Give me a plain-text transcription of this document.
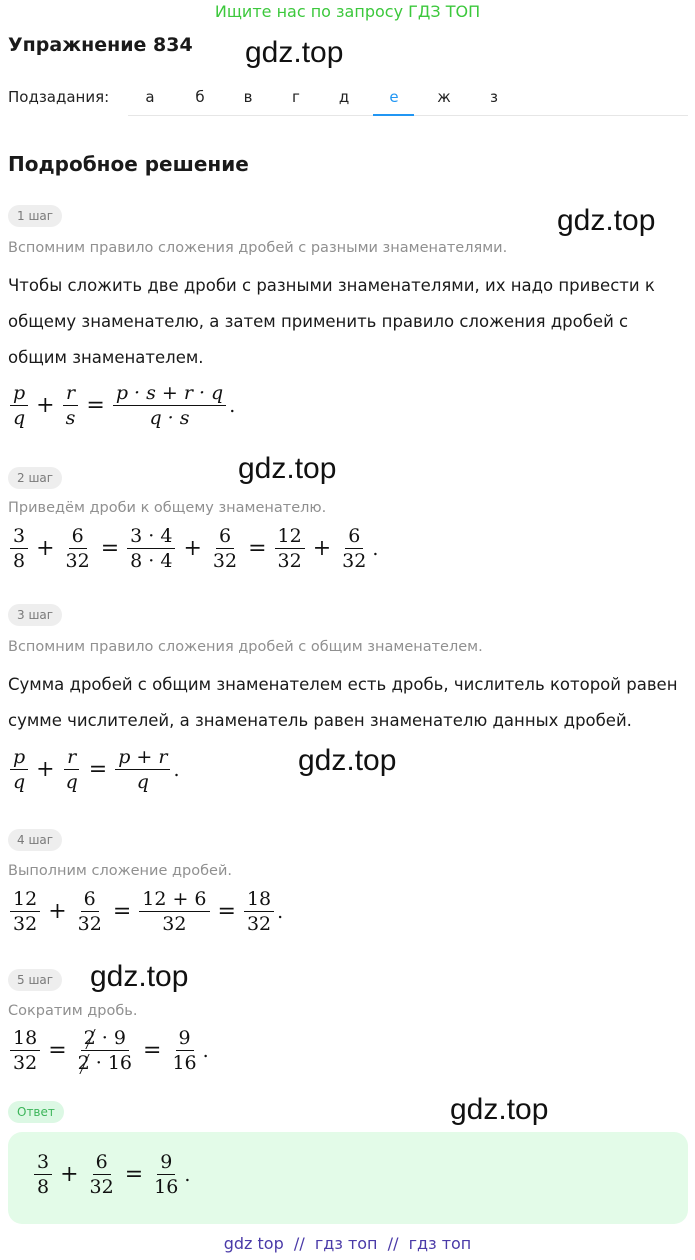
Ищите нас по запросу ГДЗ ТОП
Упражнение 834 gdz.top
gdz.top
gdz.top
gdz.top
gdz.top
gdz.top
Подзадания:	а	б	в	г	д	е	ж	з
Подробное решение
1 шаг
Вспомним правило сложения дробей с разными знаменателями.
Чтобы сложить две дроби с разными знаменателями, их надо привести к общему знаменателю, а затем применить правило сложения дробей с общим знаменателем.
$\frac{p}{q} + \frac{r}{s} = \frac{p \cdot s + r \cdot q}{q \cdot s}$ .
2 шаг
Приведём дроби к общему знаменателю.
$\frac{3}{8} + \frac{6}{32} = \frac{3 \cdot 4}{8 \cdot 4} + \frac{6}{32} = \frac{12}{32} + \frac{6}{32}$ .
3 шаг
Вспомним правило сложения дробей с общим знаменателем.
Сумма дробей с общим знаменателем есть дробь, числитель которой равен сумме числителей, а знаменатель равен знаменателю данных дробей.
$\frac{p}{q} + \frac{r}{q} = \frac{p + r}{q}$ .
4 шаг
Выполним сложение дробей.
$\frac{12}{32} + \frac{6}{32} = \frac{12 + 6}{32} = \frac{18}{32}$ .
5 шаг
Сократим дробь.
$\frac{18}{32} = \frac{2 \cdot 9}{2 \cdot 16} = \frac{9}{16}$ .
Ответ
$\frac{3}{8} + \frac{6}{32} = \frac{9}{16}$ .
gdz top  //  гдз топ  //  гдз топ
